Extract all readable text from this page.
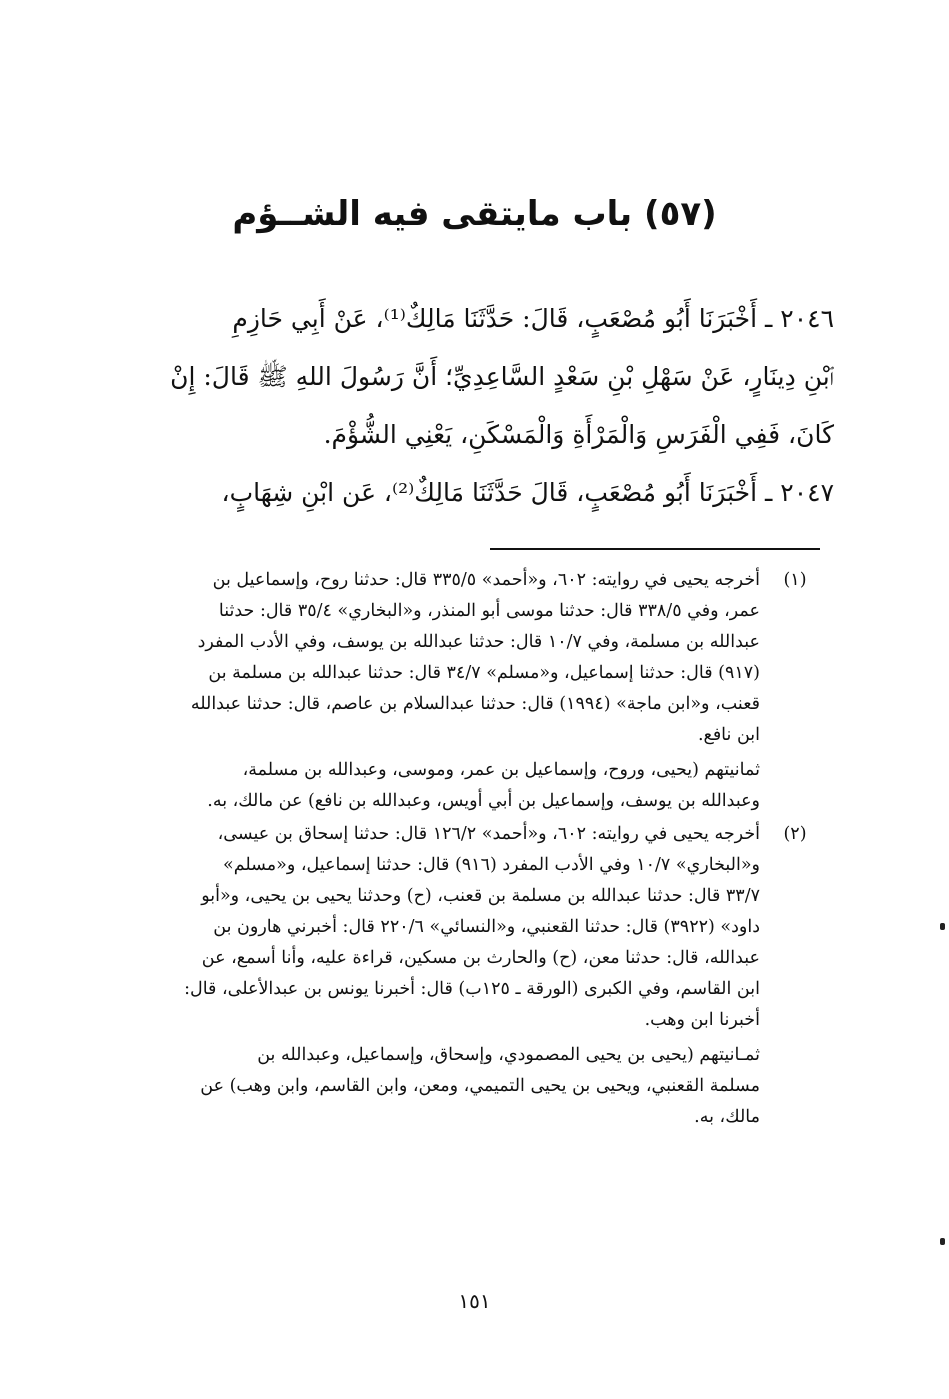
(٥٧) باب مايتقى فيه الشــؤم

٢٠٤٦ ـ أَخْبَرَنَا أَبُو مُصْعَبٍ، قَالَ: حَدَّثَنَا مَالِكٌ⁽¹⁾، عَنْ أَبِي حَازِمِ

ٱبْنِ دِينَارٍ، عَنْ سَهْلِ بْنِ سَعْدٍ السَّاعِدِيِّ؛ أَنَّ رَسُولَ اللهِ ﷺ قَالَ: إِنْ

كَانَ، فَفِي الْفَرَسِ وَالْمَرْأَةِ وَالْمَسْكَنِ، يَعْنِي الشُّؤْمَ.

٢٠٤٧ ـ أَخْبَرَنَا أَبُو مُصْعَبٍ، قَالَ حَدَّثَنَا مَالِكٌ⁽²⁾، عَن ابْنِ شِهَابٍ،

(١)
أخرجه يحيى في روايته: ٦٠٢، و«أحمد» ٣٣٥/٥ قال: حدثنا روح، وإسماعيل بن
عمر، وفي ٣٣٨/٥ قال: حدثنا موسى أبو المنذر، و«البخاري» ٣٥/٤ قال: حدثنا
عبدالله بن مسلمة، وفي ١٠/٧ قال: حدثنا عبدالله بن يوسف، وفي الأدب المفرد
(٩١٧) قال: حدثنا إسماعيل، و«مسلم» ٣٤/٧ قال: حدثنا عبدالله بن مسلمة بن
قعنب، و«ابن ماجة» (١٩٩٤) قال: حدثنا عبدالسلام بن عاصم، قال: حدثنا عبدالله
ابن نافع.
ثمانيتهم (يحيى، وروح، وإسماعيل بن عمر، وموسى، وعبدالله بن مسلمة،
وعبدالله بن يوسف، وإسماعيل بن أبي أويس، وعبدالله بن نافع) عن مالك، به.
(٢)
أخرجه يحيى في روايته: ٦٠٢، و«أحمد» ١٢٦/٢ قال: حدثنا إسحاق بن عيسى،
و«البخاري» ١٠/٧ وفي الأدب المفرد (٩١٦) قال: حدثنا إسماعيل، و«مسلم»
٣٣/٧ قال: حدثنا عبدالله بن مسلمة بن قعنب، (ح) وحدثنا يحيى بن يحيى، و«أبو
داود» (٣٩٢٢) قال: حدثنا القعنبي، و«النسائي» ٢٢٠/٦ قال: أخبرني هارون بن
عبدالله، قال: حدثنا معن، (ح) والحارث بن مسكين، قراءة عليه، وأنا أسمع، عن
ابن القاسم، وفي الكبرى (الورقة ـ ١٢٥ب) قال: أخبرنا يونس بن عبدالأعلى، قال:
أخبرنا ابن وهب.
ثمـانيتهم (يحيى بن يحيى المصمودي، وإسحاق، وإسماعيل، وعبدالله بن
مسلمة القعنبي، ويحيى بن يحيى التميمي، ومعن، وابن القاسم، وابن وهب) عن
مالك، به.
١٥١
